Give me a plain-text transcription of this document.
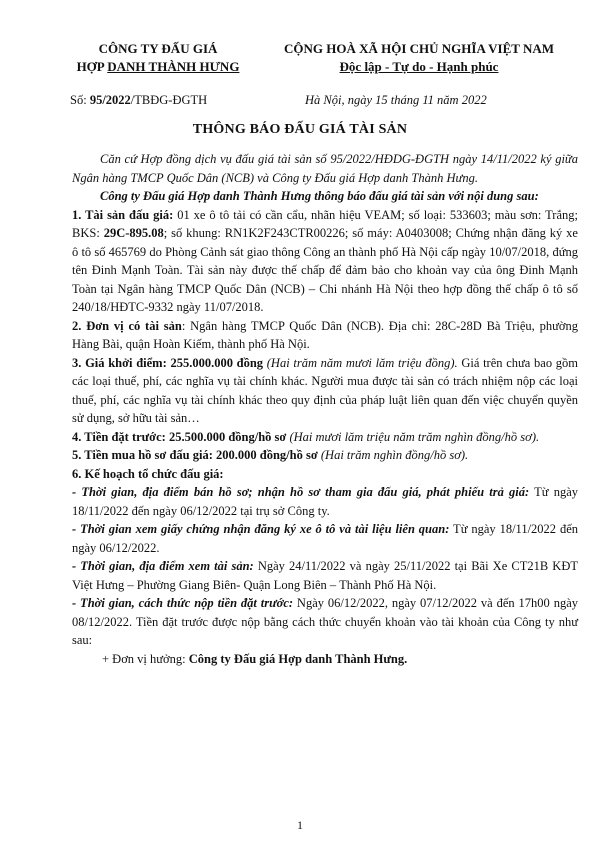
CÔNG TY ĐẤU GIÁ
HỢP DANH THÀNH HƯNG
CỘNG HOÀ XÃ HỘI CHỦ NGHĨA VIỆT NAM
Độc lập - Tự do - Hạnh phúc
Số: 95/2022/TBĐG-ĐGTH	Hà Nội, ngày 15 tháng 11 năm 2022
THÔNG BÁO ĐẤU GIÁ TÀI SẢN

Căn cứ Hợp đồng dịch vụ đấu giá tài sản số 95/2022/HĐDG-ĐGTH ngày 14/11/2022 ký giữa Ngân hàng TMCP Quốc Dân (NCB) và Công ty Đấu giá Hợp danh Thành Hưng.

Công ty Đấu giá Hợp danh Thành Hưng thông báo đấu giá tài sản với nội dung sau:

1. Tài sản đấu giá: 01 xe ô tô tải có cần cẩu, nhãn hiệu VEAM; số loại: 533603; màu sơn: Trắng; BKS: 29C-895.08; số khung: RN1K2F243CTR00226; số máy: A0403008; Chứng nhận đăng ký xe ô tô số 465769 do Phòng Cảnh sát giao thông Công an thành phố Hà Nội cấp ngày 10/07/2018, đứng tên Đinh Mạnh Toàn. Tài sản này được thế chấp để đảm bảo cho khoản vay của ông Đinh Mạnh Toàn tại Ngân hàng TMCP Quốc Dân (NCB) – Chi nhánh Hà Nội theo hợp đồng thế chấp ô tô số 240/18/HĐTC-9332 ngày 11/07/2018.

2. Đơn vị có tài sản: Ngân hàng TMCP Quốc Dân (NCB). Địa chỉ: 28C-28D Bà Triệu, phường Hàng Bài, quận Hoàn Kiếm, thành phố Hà Nội.

3. Giá khởi điểm: 255.000.000 đồng (Hai trăm năm mươi lăm triệu đồng). Giá trên chưa bao gồm các loại thuế, phí, các nghĩa vụ tài chính khác. Người mua được tài sản có trách nhiệm nộp các loại thuế, phí, các nghĩa vụ tài chính khác theo quy định của pháp luật liên quan đến việc chuyển quyền sử dụng, sở hữu tài sản…

4. Tiền đặt trước: 25.500.000 đồng/hồ sơ (Hai mươi lăm triệu năm trăm nghìn đồng/hồ sơ).

5. Tiền mua hồ sơ đấu giá: 200.000 đồng/hồ sơ (Hai trăm nghìn đồng/hồ sơ).

6. Kế hoạch tổ chức đấu giá:

- Thời gian, địa điểm bán hồ sơ; nhận hồ sơ tham gia đấu giá, phát phiếu trả giá: Từ ngày 18/11/2022 đến ngày 06/12/2022 tại trụ sở Công ty.

- Thời gian xem giấy chứng nhận đăng ký xe ô tô và tài liệu liên quan: Từ ngày 18/11/2022 đến ngày 06/12/2022.

- Thời gian, địa điểm xem tài sản: Ngày 24/11/2022 và ngày 25/11/2022 tại Bãi Xe CT21B KĐT Việt Hưng – Phường Giang Biên- Quận Long Biên – Thành Phố Hà Nội.

- Thời gian, cách thức nộp tiền đặt trước: Ngày 06/12/2022, ngày 07/12/2022 và đến 17h00 ngày 08/12/2022. Tiền đặt trước được nộp bằng cách thức chuyển khoản vào tài khoản của Công ty như sau:

+ Đơn vị hưởng: Công ty Đấu giá Hợp danh Thành Hưng.

1
